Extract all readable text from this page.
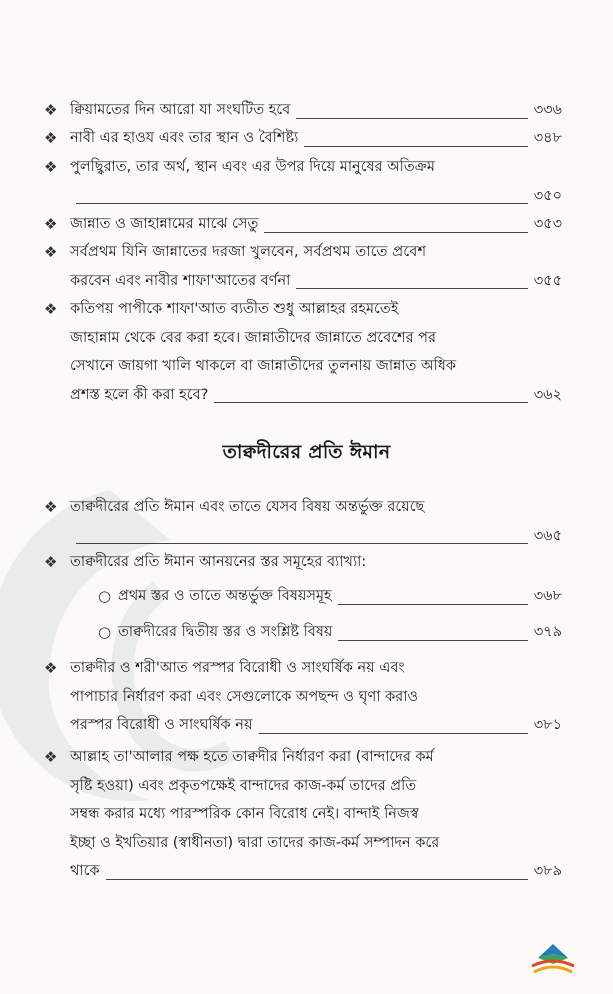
❖ ক্বিয়ামতের দিন আরো যা সংঘটিত হবে	৩৩৬
❖ নাবী এর হাওয এবং তার স্থান ও বৈশিষ্ট্য	৩৪৮
❖ পুলছ্বিরাত, তার অর্থ, স্থান এবং এর উপর দিয়ে মানুষের অতিক্রম
৩৫০
❖ জান্নাত ও জাহান্নামের মাঝে সেতু	৩৫৩
❖ সর্বপ্রথম যিনি জান্নাতের দরজা খুলবেন, সর্বপ্রথম তাতে প্রবেশ
করবেন এবং নাবীর শাফা'আতের বর্ণনা	৩৫৫
❖ কতিপয় পাপীকে শাফা'আত ব্যতীত শুধু আল্লাহর রহমতেই
জাহান্নাম থেকে বের করা হবে। জান্নাতীদের জান্নাতে প্রবেশের পর
সেখানে জায়গা খালি থাকলে বা জান্নাতীদের তুলনায় জান্নাত অধিক
প্রশস্ত হলে কী করা হবে?	৩৬২
তাক্বদীরের প্রতি ঈমান
❖ তাক্বদীরের প্রতি ঈমান এবং তাতে যেসব বিষয় অন্তর্ভুক্ত রয়েছে
৩৬৫
❖ তাক্বদীরের প্রতি ঈমান আনয়নের স্তর সমূহের ব্যাখ্যা:
○ প্রথম স্তর ও তাতে অন্তর্ভুক্ত বিষয়সমূহ	৩৬৮
○ তাক্বদীরের দ্বিতীয় স্তর ও সংশ্লিষ্ট বিষয়	৩৭৯
❖ তাক্বদীর ও শরী'আত পরস্পর বিরোধী ও সাংঘর্ষিক নয় এবং
পাপাচার নির্ধারণ করা এবং সেগুলোকে অপছন্দ ও ঘৃণা করাও
পরস্পর বিরোধী ও সাংঘর্ষিক নয়	৩৮১
❖ আল্লাহ তা'আলার পক্ষ হতে তাক্বদীর নির্ধারণ করা (বান্দাদের কর্ম
সৃষ্টি হওয়া) এবং প্রকৃতপক্ষেই বান্দাদের কাজ-কর্ম তাদের প্রতি
সম্বন্ধ করার মধ্যে পারস্পরিক কোন বিরোধ নেই। বান্দাই নিজস্ব
ইচ্ছা ও ইখতিয়ার (স্বাধীনতা) দ্বারা তাদের কাজ-কর্ম সম্পাদন করে
থাকে	৩৮৯
